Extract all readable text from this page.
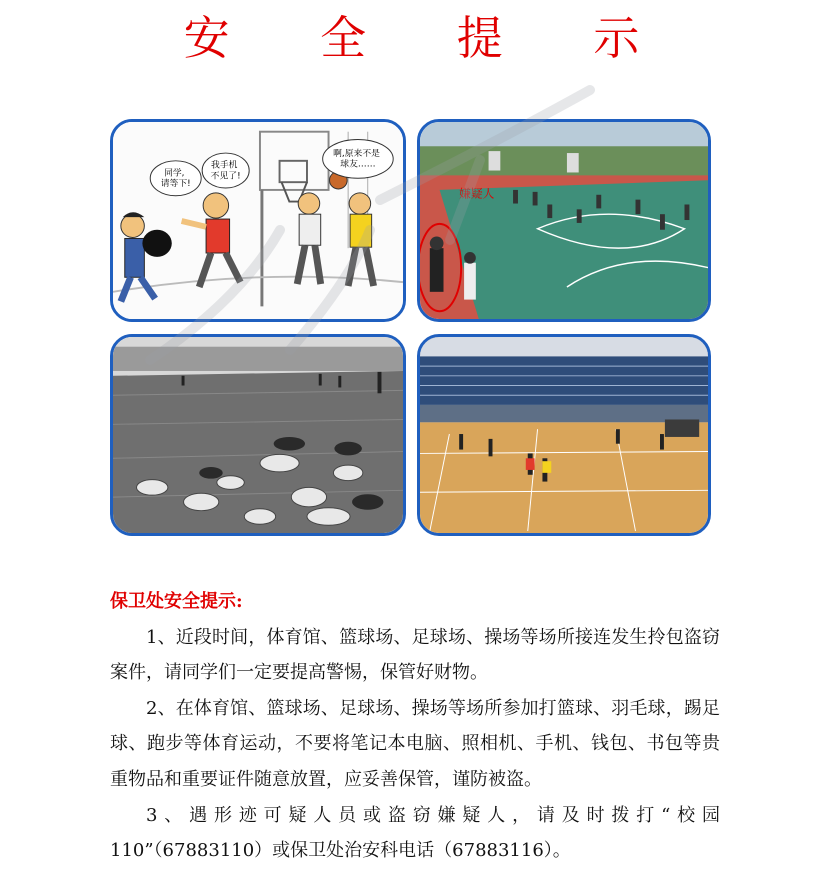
安 全 提 示
同学, 请等下!
我手机 不见了!
啊,原来不是 球友……
嫌疑人
保卫处安全提示:

1、近段时间，体育馆、篮球场、足球场、操场等场所接连发生拎包盗窃案件，请同学们一定要提高警惕，保管好财物。

2、在体育馆、篮球场、足球场、操场等场所参加打篮球、羽毛球，踢足球、跑步等体育运动，不要将笔记本电脑、照相机、手机、钱包、书包等贵重物品和重要证件随意放置，应妥善保管，谨防被盗。

3、遇形迹可疑人员或盗窃嫌疑人，请及时拨打“校园 110”（67883110）或保卫处治安科电话（67883116）。
